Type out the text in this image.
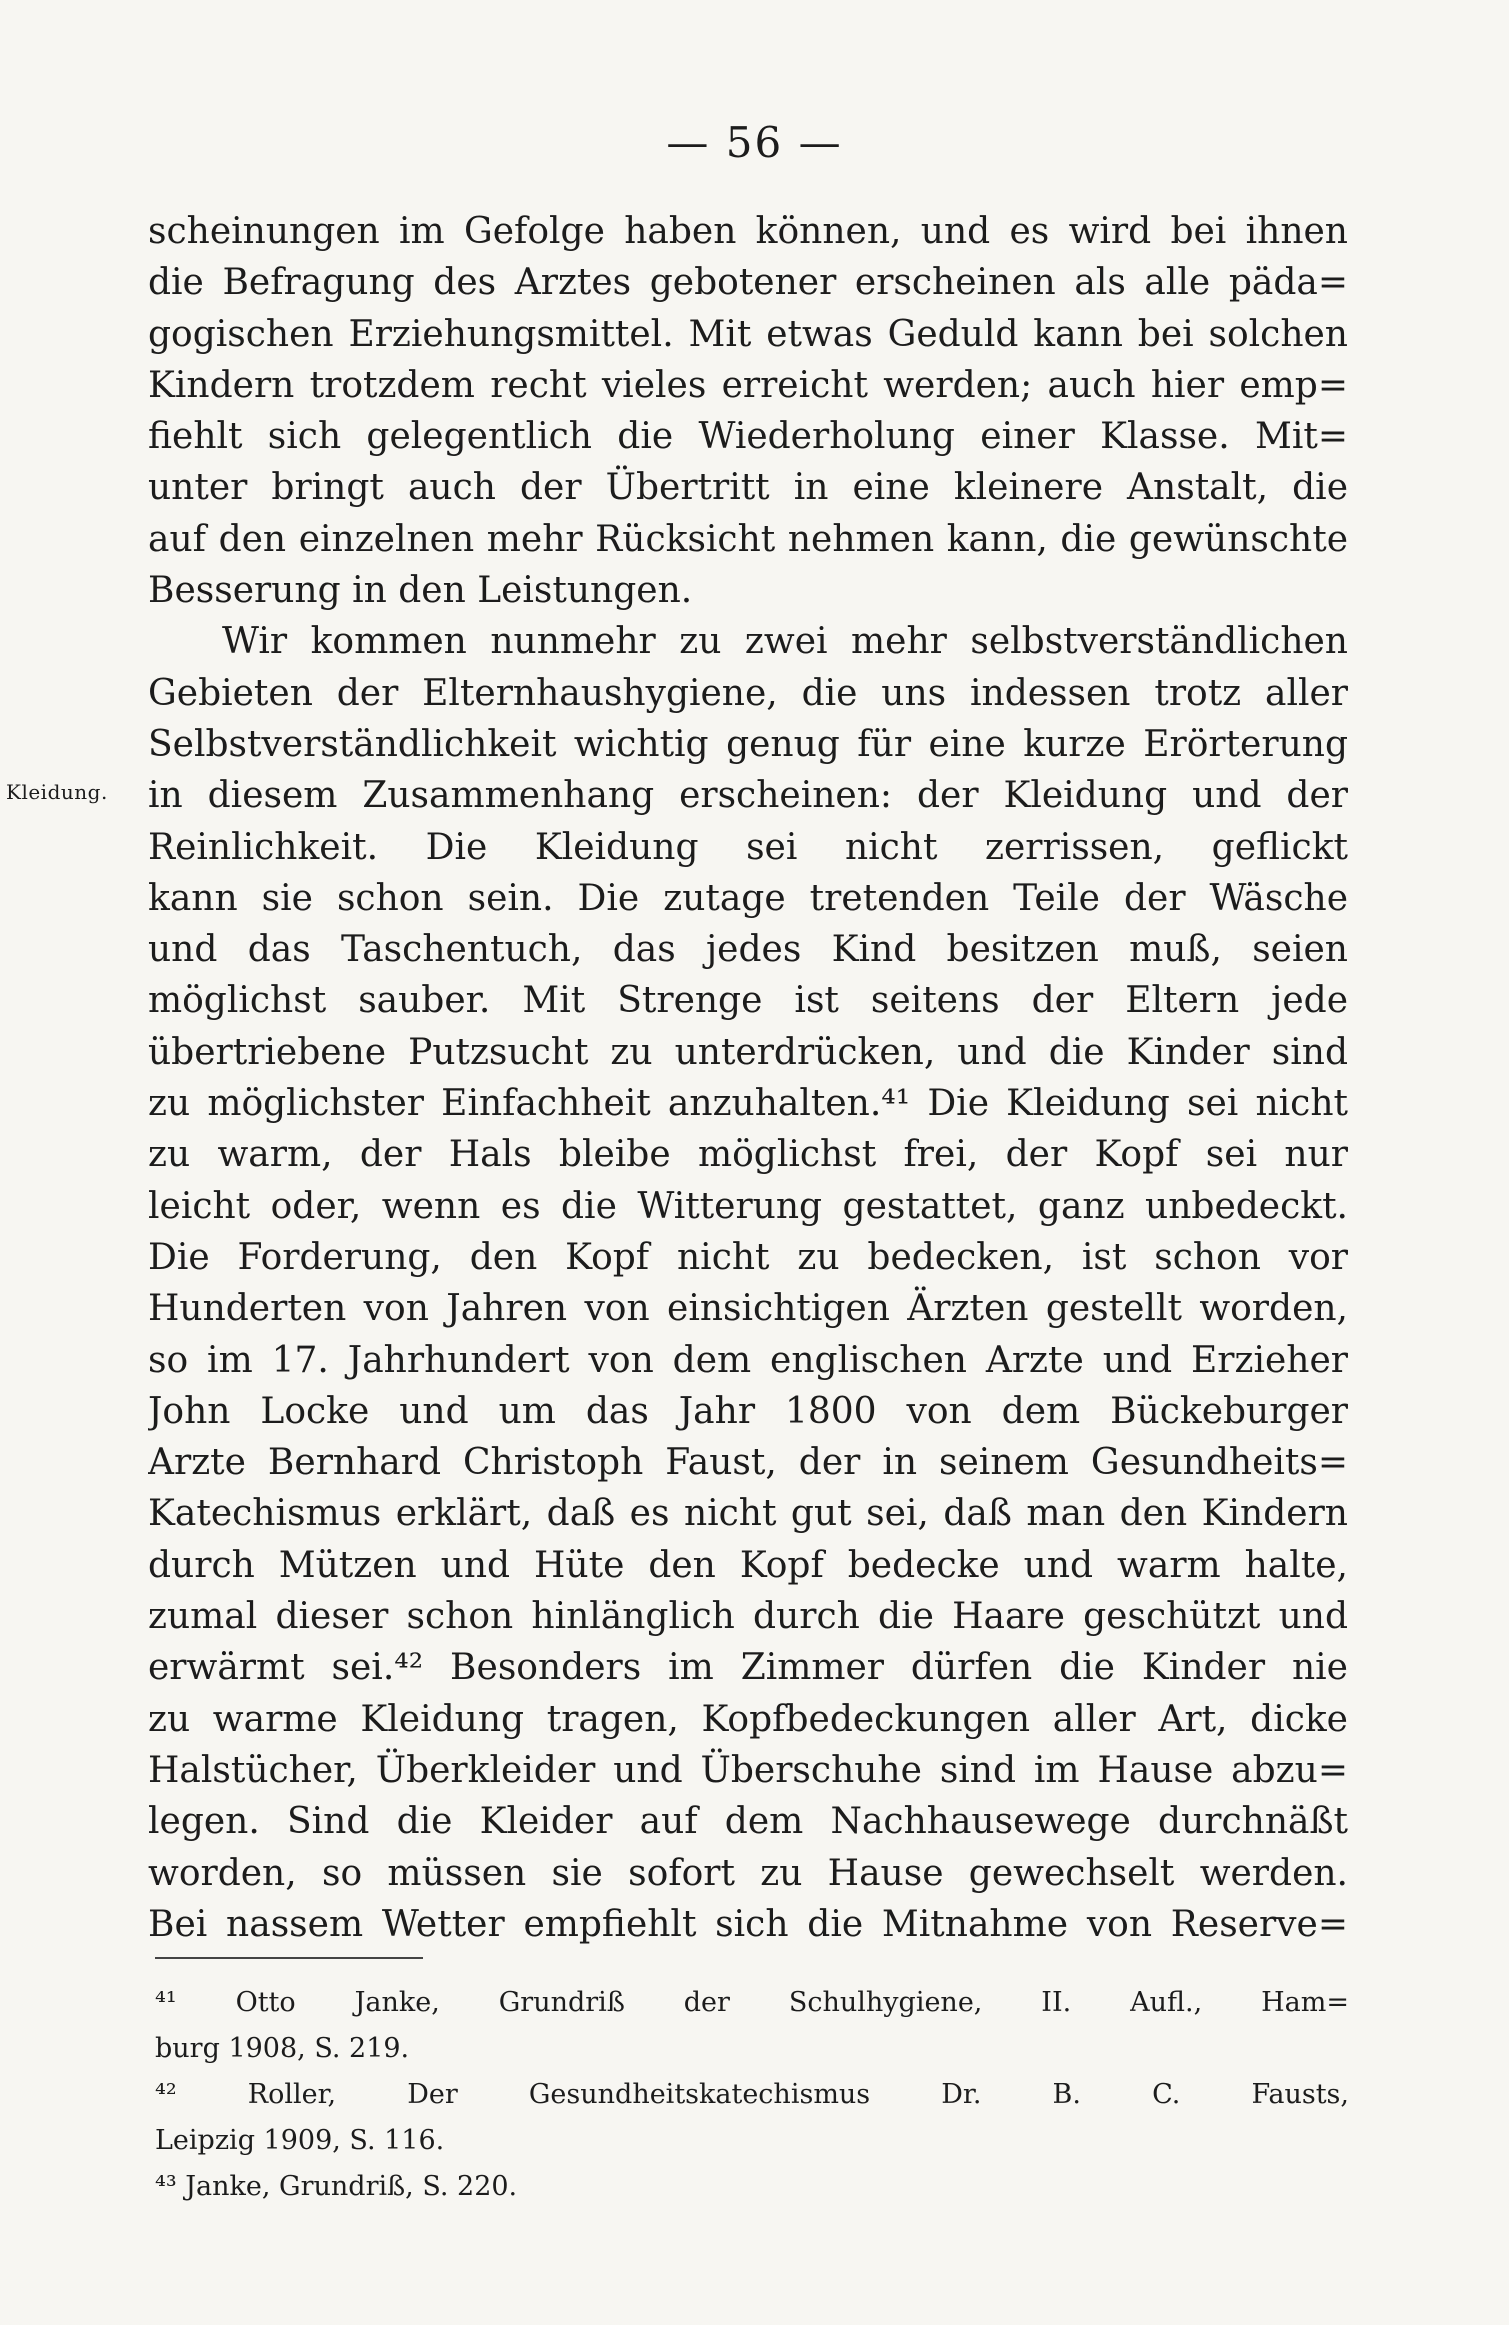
— 56 —
Kleidung.
scheinungen im Gefolge haben können, und es wird bei ihnen
die Befragung des Arztes gebotener erscheinen als alle päda=
gogischen Erziehungsmittel. Mit etwas Geduld kann bei solchen
Kindern trotzdem recht vieles erreicht werden; auch hier emp=
fiehlt sich gelegentlich die Wiederholung einer Klasse. Mit=
unter bringt auch der Übertritt in eine kleinere Anstalt, die
auf den einzelnen mehr Rücksicht nehmen kann, die gewünschte
Besserung in den Leistungen.
Wir kommen nunmehr zu zwei mehr selbstverständlichen
Gebieten der Elternhaushygiene, die uns indessen trotz aller
Selbstverständlichkeit wichtig genug für eine kurze Erörterung
in diesem Zusammenhang erscheinen: der Kleidung und der
Reinlichkeit. Die Kleidung sei nicht zerrissen, geflickt
kann sie schon sein. Die zutage tretenden Teile der Wäsche
und das Taschentuch, das jedes Kind besitzen muß, seien
möglichst sauber. Mit Strenge ist seitens der Eltern jede
übertriebene Putzsucht zu unterdrücken, und die Kinder sind
zu möglichster Einfachheit anzuhalten.⁴¹ Die Kleidung sei nicht
zu warm, der Hals bleibe möglichst frei, der Kopf sei nur
leicht oder, wenn es die Witterung gestattet, ganz unbedeckt.
Die Forderung, den Kopf nicht zu bedecken, ist schon vor
Hunderten von Jahren von einsichtigen Ärzten gestellt worden,
so im 17. Jahrhundert von dem englischen Arzte und Erzieher
John Locke und um das Jahr 1800 von dem Bückeburger
Arzte Bernhard Christoph Faust, der in seinem Gesundheits=
Katechismus erklärt, daß es nicht gut sei, daß man den Kindern
durch Mützen und Hüte den Kopf bedecke und warm halte,
zumal dieser schon hinlänglich durch die Haare geschützt und
erwärmt sei.⁴² Besonders im Zimmer dürfen die Kinder nie
zu warme Kleidung tragen, Kopfbedeckungen aller Art, dicke
Halstücher, Überkleider und Überschuhe sind im Hause abzu=
legen. Sind die Kleider auf dem Nachhausewege durchnäßt
worden, so müssen sie sofort zu Hause gewechselt werden.
Bei nassem Wetter empfiehlt sich die Mitnahme von Reserve=
⁴¹ Otto Janke, Grundriß der Schulhygiene, II. Aufl., Ham=
burg 1908, S. 219.
⁴² Roller, Der Gesundheitskatechismus Dr. B. C. Fausts,
Leipzig 1909, S. 116.
⁴³ Janke, Grundriß, S. 220.
